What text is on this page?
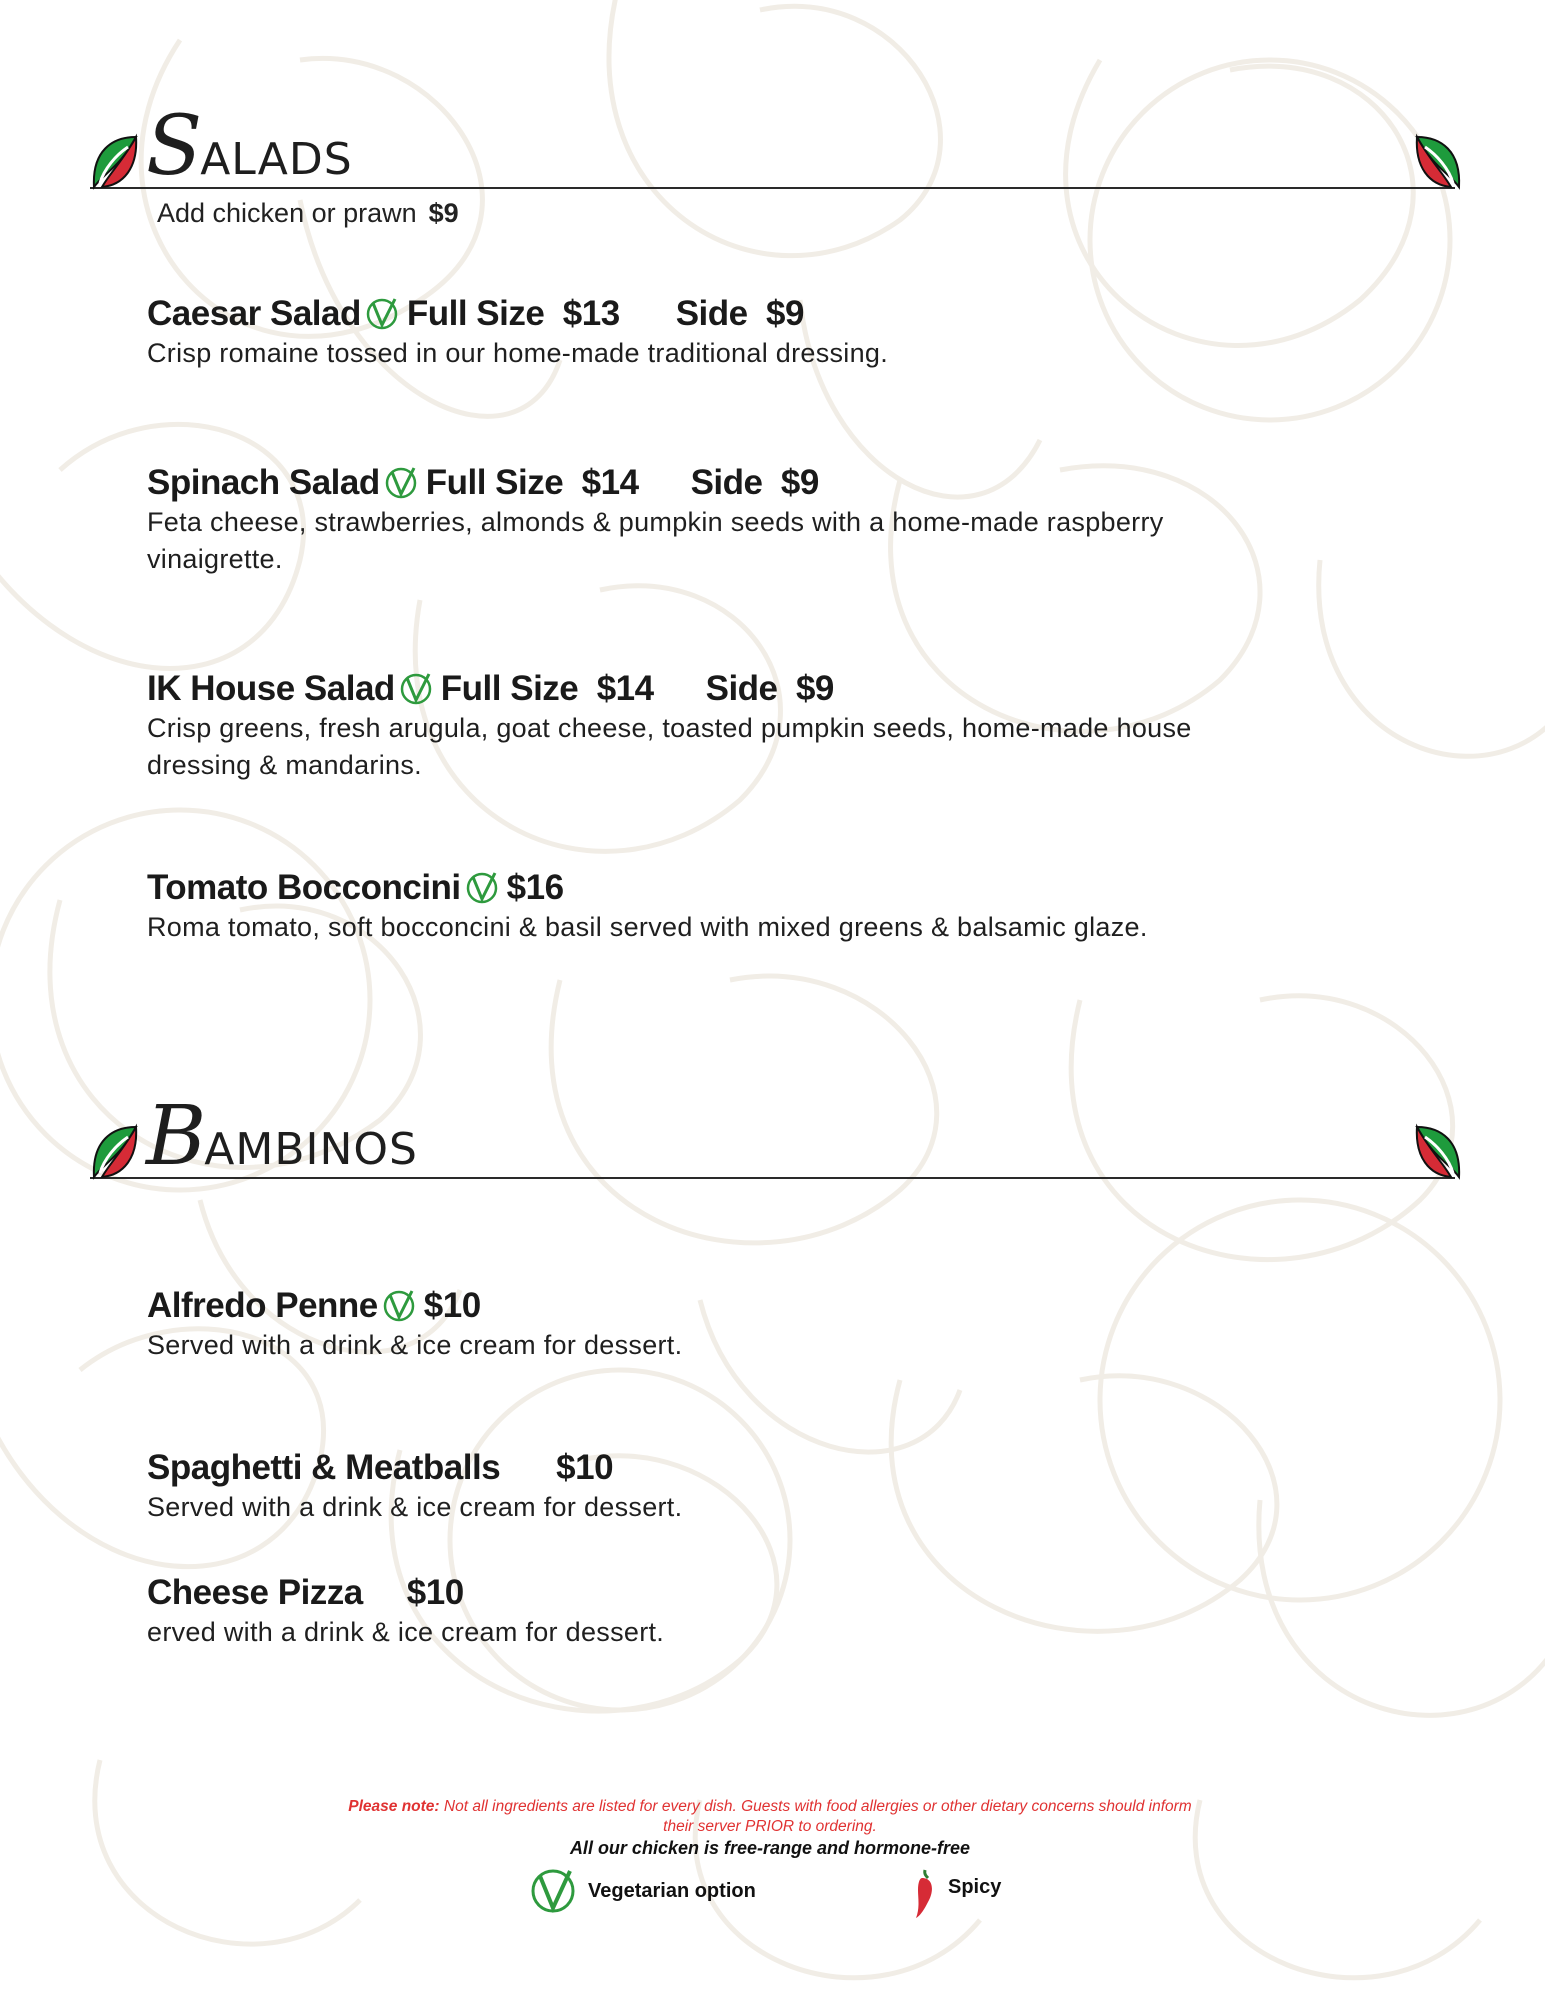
SALADS
Add chicken or prawn $9
Caesar Salad Full Size  $13 Side  $9
Crisp romaine tossed in our home-made traditional dressing.
Spinach Salad Full Size  $14 Side  $9
Feta cheese, strawberries, almonds & pumpkin seeds with a home-made raspberry vinaigrette.
IK House Salad Full Size  $14 Side  $9
Crisp greens, fresh arugula, goat cheese, toasted pumpkin seeds, home-made house dressing & mandarins.
Tomato Bocconcini $16
Roma tomato, soft bocconcini & basil served with mixed greens & balsamic glaze.
BAMBINOS
Alfredo Penne $10
Served with a drink & ice cream for dessert.
Spaghetti & Meatballs $10
Served with a drink & ice cream for dessert.
Cheese Pizza $10
erved with a drink & ice cream for dessert.
Please note: Not all ingredients are listed for every dish. Guests with food allergies or other dietary concerns should inform their server PRIOR to ordering.
All our chicken is free-range and hormone-free
Vegetarian option	Spicy
